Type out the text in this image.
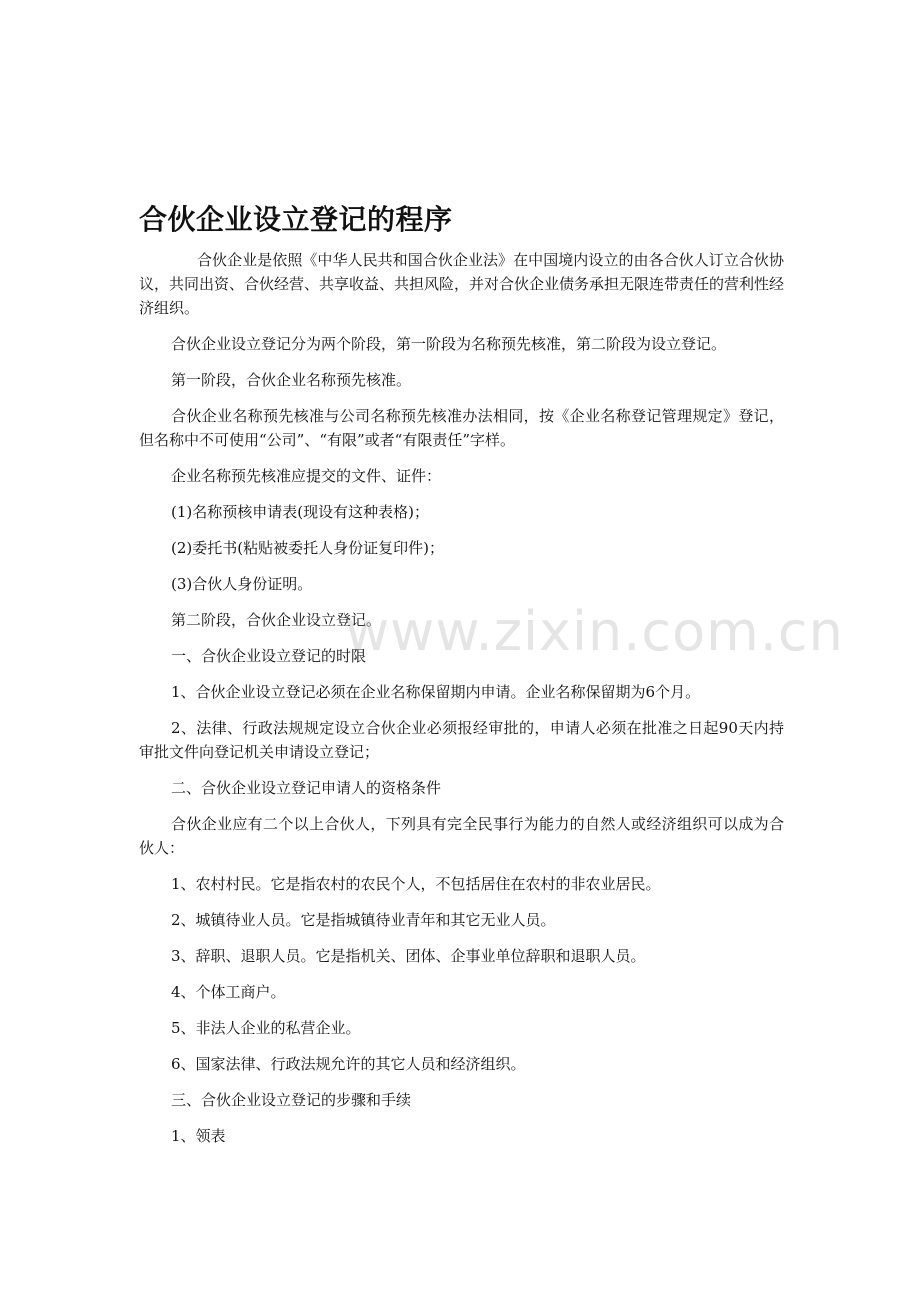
合伙企业设立登记的程序

合伙企业是依照《中华人民共和国合伙企业法》在中国境内设立的由各合伙人订立合伙协议，共同出资、合伙经营、共享收益、共担风险，并对合伙企业债务承担无限连带责任的营利性经济组织。

合伙企业设立登记分为两个阶段，第一阶段为名称预先核准，第二阶段为设立登记。

第一阶段，合伙企业名称预先核准。

合伙企业名称预先核准与公司名称预先核准办法相同，按《企业名称登记管理规定》登记，但名称中不可使用“公司”、“有限”或者“有限责任”字样。

企业名称预先核准应提交的文件、证件：

(1)名称预核申请表(现设有这种表格)；

(2)委托书(粘贴被委托人身份证复印件)；

(3)合伙人身份证明。

第二阶段，合伙企业设立登记。

一、合伙企业设立登记的时限

1、合伙企业设立登记必须在企业名称保留期内申请。企业名称保留期为6个月。

2、法律、行政法规规定设立合伙企业必须报经审批的，申请人必须在批准之日起90天内持审批文件向登记机关申请设立登记；

二、合伙企业设立登记申请人的资格条件

合伙企业应有二个以上合伙人，下列具有完全民事行为能力的自然人或经济组织可以成为合伙人：

1、农村村民。它是指农村的农民个人，不包括居住在农村的非农业居民。

2、城镇待业人员。它是指城镇待业青年和其它无业人员。

3、辞职、退职人员。它是指机关、团体、企事业单位辞职和退职人员。

4、个体工商户。

5、非法人企业的私营企业。

6、国家法律、行政法规允许的其它人员和经济组织。

三、合伙企业设立登记的步骤和手续

1、领表

www.zixin.com.cn
